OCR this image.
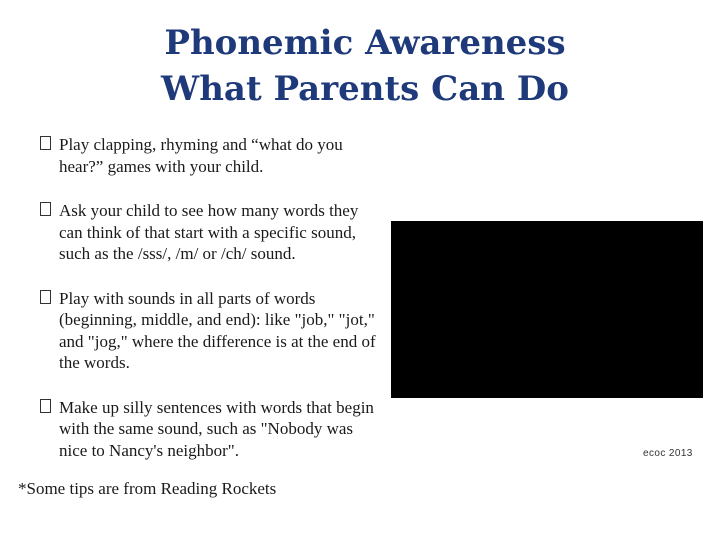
Phonemic Awareness
What Parents Can Do
Play clapping, rhyming and “what do you hear?” games with your child.
Ask your child to see how many words they can think of that start with a specific sound, such as the /sss/, /m/ or /ch/ sound.
Play with sounds in all parts of words (beginning, middle, and end): like "job," "jot," and "jog," where the difference is at the end of the words.
Make up silly sentences with words that begin with the same sound, such as "Nobody was nice to Nancy's neighbor".
*Some tips are from Reading Rockets
ecoc 2013
